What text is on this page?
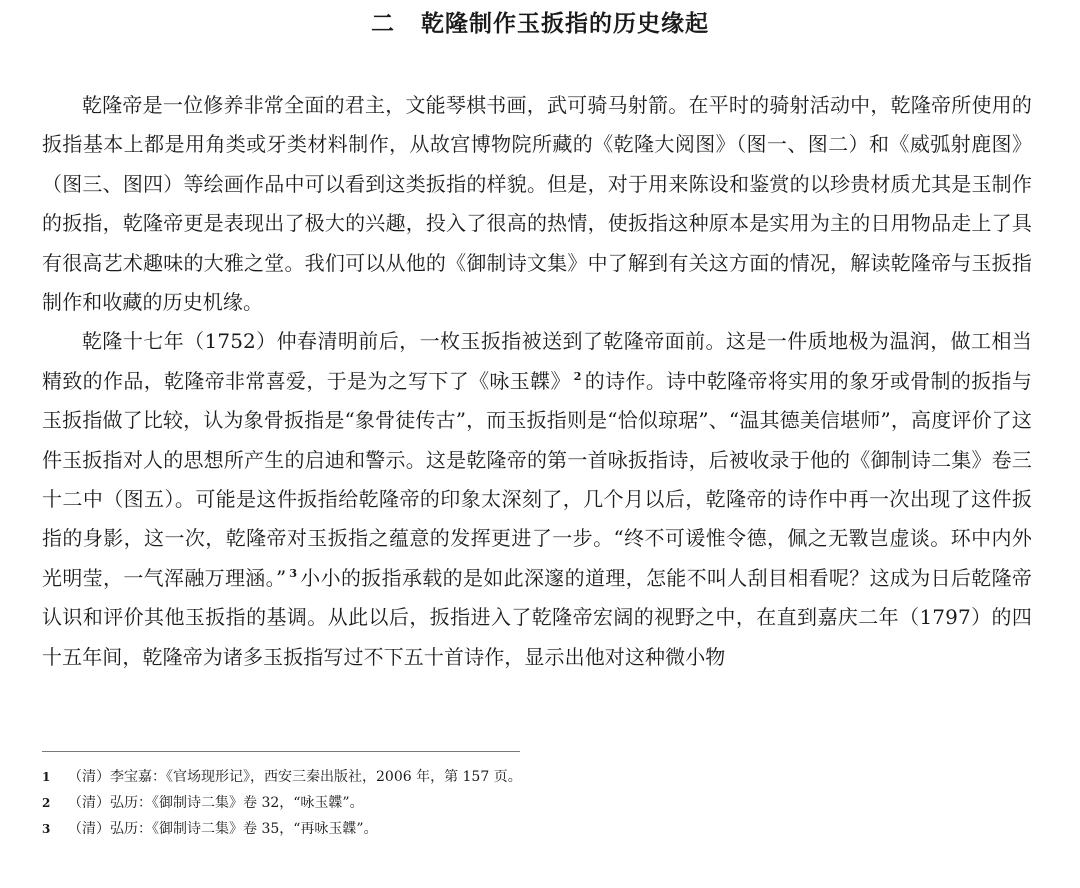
二 乾隆制作玉扳指的历史缘起

乾隆帝是一位修养非常全面的君主，文能琴棋书画，武可骑马射箭。在平时的骑射活动中，乾隆帝所使用的扳指基本上都是用角类或牙类材料制作，从故宫博物院所藏的《乾隆大阅图》（图一、图二）和《威弧射鹿图》（图三、图四）等绘画作品中可以看到这类扳指的样貌。但是，对于用来陈设和鉴赏的以珍贵材质尤其是玉制作的扳指，乾隆帝更是表现出了极大的兴趣，投入了很高的热情，使扳指这种原本是实用为主的日用物品走上了具有很高艺术趣味的大雅之堂。我们可以从他的《御制诗文集》中了解到有关这方面的情况，解读乾隆帝与玉扳指制作和收藏的历史机缘。

乾隆十七年（1752）仲春清明前后，一枚玉扳指被送到了乾隆帝面前。这是一件质地极为温润，做工相当精致的作品，乾隆帝非常喜爱，于是为之写下了《咏玉韘》 $^2$ 的诗作。诗中乾隆帝将实用的象牙或骨制的扳指与玉扳指做了比较，认为象骨扳指是“象骨徒传古”，而玉扳指则是“恰似琼琚”、“温其德美信堪师”，高度评价了这件玉扳指对人的思想所产生的启迪和警示。这是乾隆帝的第一首咏扳指诗，后被收录于他的《御制诗二集》卷三十二中（图五）。可能是这件扳指给乾隆帝的印象太深刻了，几个月以后，乾隆帝的诗作中再一次出现了这件扳指的身影，这一次，乾隆帝对玉扳指之蕴意的发挥更进了一步。“终不可谖惟令德，佩之无斁岂虚谈。环中内外光明莹，一气浑融万理涵。” $^3$ 小小的扳指承载的是如此深邃的道理，怎能不叫人刮目相看呢？这成为日后乾隆帝认识和评价其他玉扳指的基调。从此以后，扳指进入了乾隆帝宏阔的视野之中，在直到嘉庆二年（1797）的四十五年间，乾隆帝为诸多玉扳指写过不下五十首诗作，显示出他对这种微小物

1 （清）李宝嘉：《官场现形记》，西安三秦出版社，2006 年，第 157 页。
2 （清）弘历：《御制诗二集》卷 32，“咏玉韘”。
3 （清）弘历：《御制诗二集》卷 35，“再咏玉韘”。
